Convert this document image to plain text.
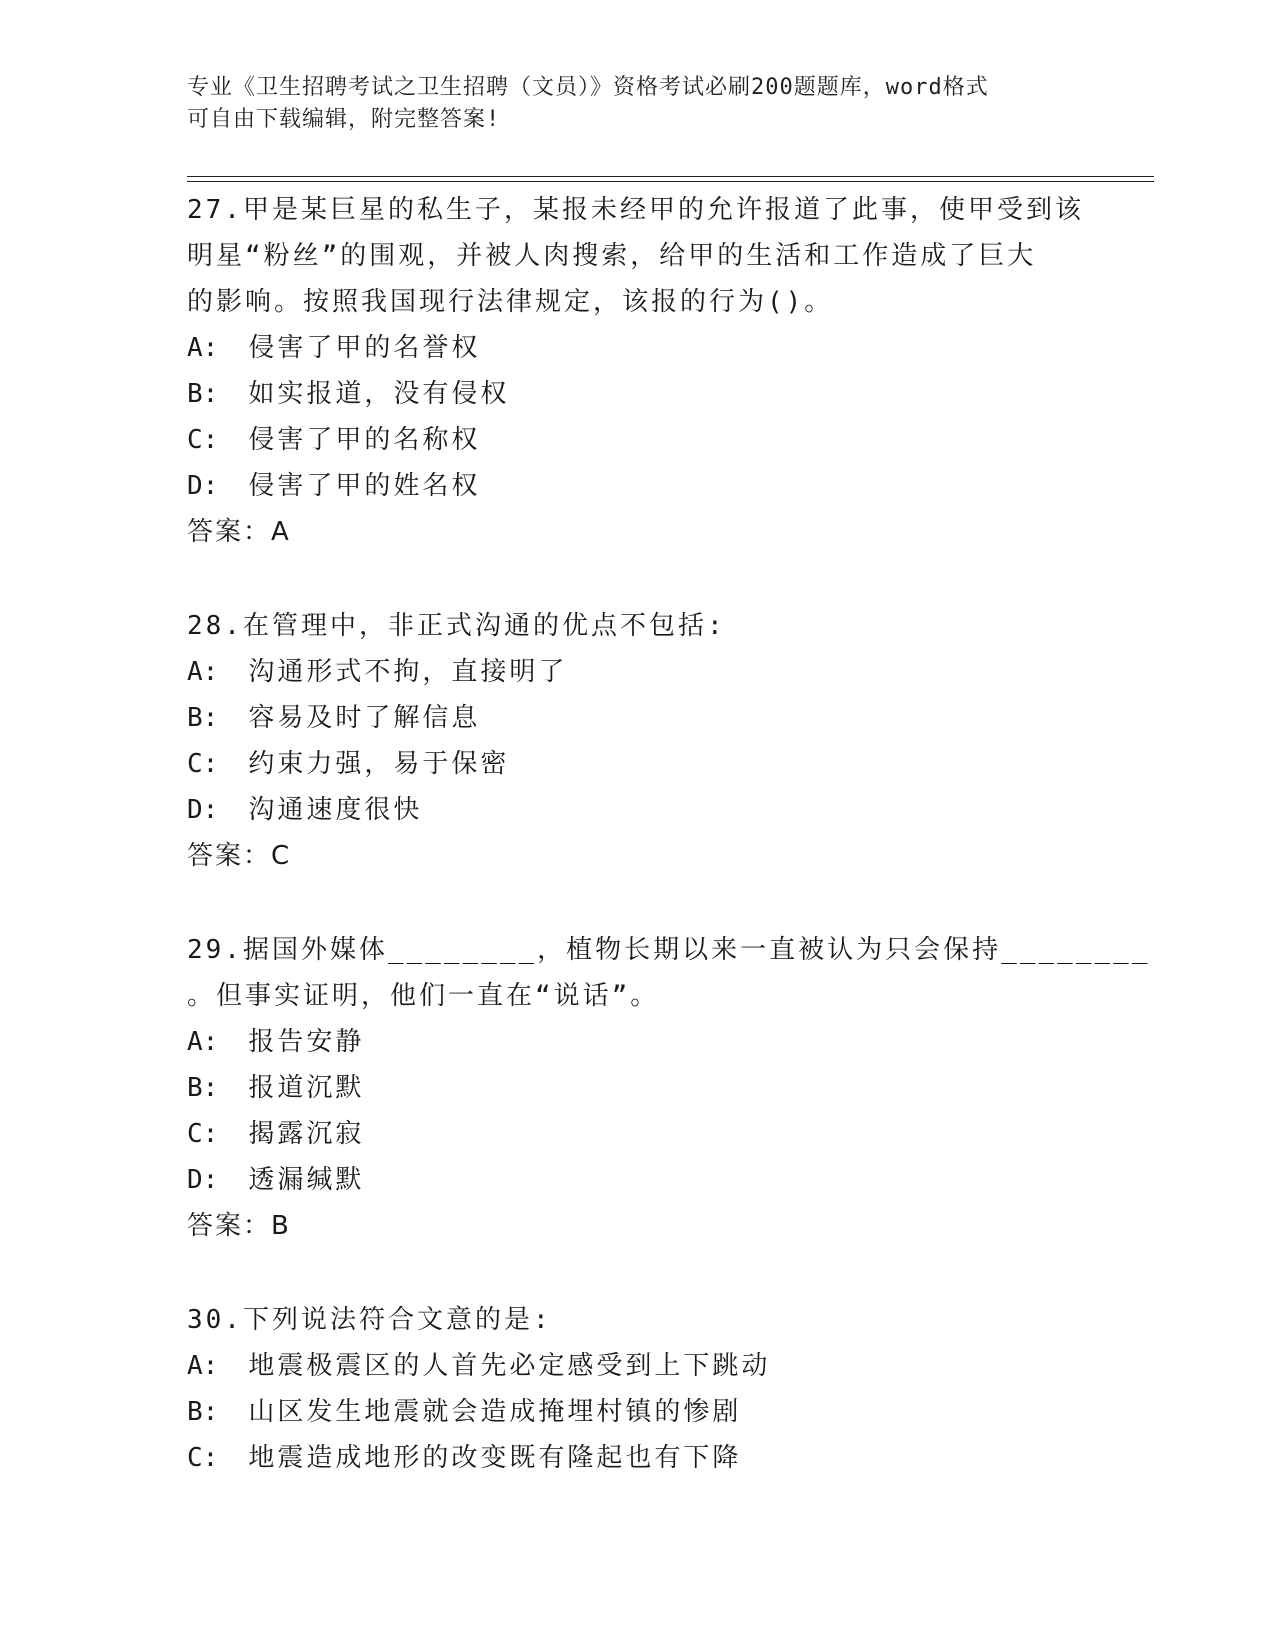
专业《卫生招聘考试之卫生招聘（文员）》资格考试必刷200题题库，word格式
可自由下载编辑，附完整答案!
27.甲是某巨星的私生子，某报未经甲的允许报道了此事，使甲受到该
明星“粉丝”的围观，并被人肉搜索，给甲的生活和工作造成了巨大
的影响。按照我国现行法律规定，该报的行为()。
A: 侵害了甲的名誉权
B: 如实报道，没有侵权
C: 侵害了甲的名称权
D: 侵害了甲的姓名权
答案：A
28.在管理中，非正式沟通的优点不包括:
A: 沟通形式不拘，直接明了
B: 容易及时了解信息
C: 约束力强，易于保密
D: 沟通速度很快
答案：C
29.据国外媒体________，植物长期以来一直被认为只会保持________
。但事实证明，他们一直在“说话”。
A: 报告安静
B: 报道沉默
C: 揭露沉寂
D: 透漏缄默
答案：B
30.下列说法符合文意的是:
A: 地震极震区的人首先必定感受到上下跳动
B: 山区发生地震就会造成掩埋村镇的惨剧
C: 地震造成地形的改变既有隆起也有下降
